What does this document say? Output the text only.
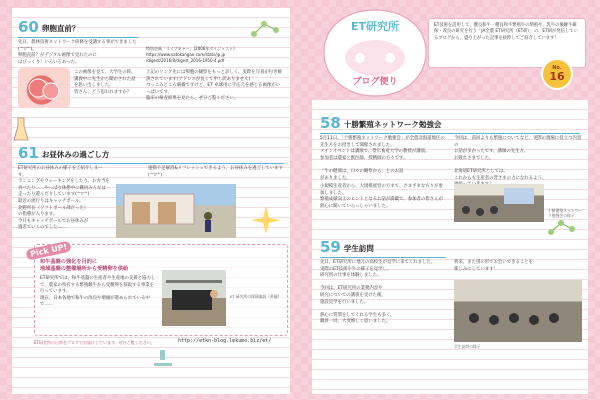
60 卵胞直前？
先日、農林技術ネットワーク研修を受講する事ができました(^▽^)。
卵胞直前？がデジタル画像で見れたのに
はびっくり！いろいろあった。
この画像を見て、大学生の時、講義中に先生から聞かされた話を思い出しました。
皆さん、どう思われますか？
特別企画「ライブキャー」(2006年ダイジェスト)
https://www.satokangae.com/stats/jp.jp
/digest/2016/8/digest_2016-1950-4.pdf
上記のリンク先には卵胞の観察をもっと詳しく、実際を写真が付き解説されています(アドレスが長くて申し訳ありません)
つっこみどころ満載ですけど、ET 卓球用に手応えを感じる画像がいっぱいです。
臨床の検査結果を見たら、ぜひご覧ください。
61 お昼休みの過ごし方
ET研究所のお昼休みの様子をご紹介しまーす。
ランニングやウォーキングをしたり、お弁当を
食べたり……やっぱり休憩中に職員みんなは
走ったり遊んだりしています(^▽^)
最近の流行りはキャッチボール。
北野所長（ソフトボール部だった）
の指導が入ります。
今日もキャッチボールでお昼休みが
過ぎていくのでした……
運動不足解消&リフレッシュできるよう、お昼休みを過ごしています(^▽^)
Pick UP!
和牛基盤の強化を目的に
地域基盤の整備場所から受精卵を供給
ET研究所では、和牛基盤の生産者や生産地の支援と協力して、農家の所有する繁殖雌牛から受精卵を採取する事業を行っています。
現在、日本各地で和牛の改良や増頭が進められている中で……
ET 研究所の採卵施設（外観）
ET研究所の日常をブログでお届けしています。ぜひご覧ください。	http://etkn-blog.lekumo.biz/et/
ET研究所
ブログ便り
ET技術を活用して、優良和牛・優良和牛繁殖牛の増殖や、乳牛の後継牛確保・改良の研究を行う「JA全農 ET研究所（ET研）」の、ET研が発信しているブログから、盛り上がった記事を抜粋してご紹介しています！
No.
16
58 十勝繁殖ネットワーク勉強会
5月11日、「十勝繁殖ネットワーク勉強会」が全農北海道地区の先生方をお招きして開催されました。
メインイベントは講演で、帯広畜産大学の教授が講演。
参加者は農家と獣医師、授精師の方々です。

「牛の健康は、日々の観察から」とのお話
がありました。
小規模生産者から、大規模経営の方まで、さまざまな方々が参加しました。
繁殖成績向上のヒントとなるお話が満載で、参加者の皆さんが熱心に聞いていらっしゃいました。
今回は、前回よりも繁殖についてなど、実際の現場に役立つ内容の
お話が多かったです。講師の先生方、
お疲れさまでした。

北海道ET研究所としては、
これからも生産者の皆さまの力になれるよう、

十勝繁殖ネットワーク勉強会の様子
59 学生訪問
先日、ET研究所に地元の高校生が見学に来てくれました。
実際のET技術や牛の様子を見学し、
研究所の仕事を体験しました。

今回は、ET研究所の業務内容や
研究についての講義を受けた後、
施設見学を行いました。

熱心に質問をしてくれる学生も多く、
職員一同、大変嬉しく思いました。
将来、また別の形でお会いできることを
楽しみにしています！
学生訪問の様子
